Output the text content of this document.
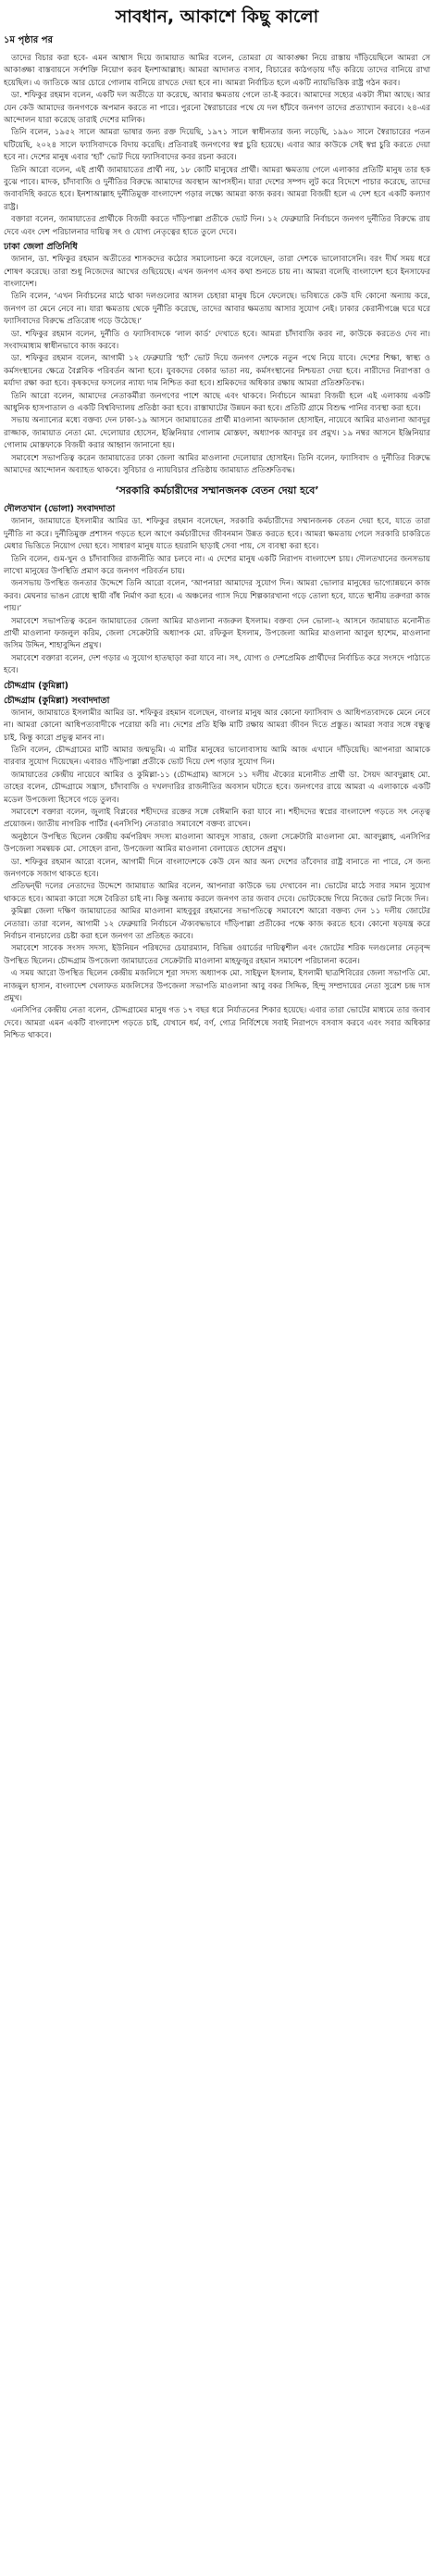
সাবধান, আকাশে কিছু কালো
১ম পৃষ্ঠার পর

তাদের বিচার করা হবে- এমন আশ্বাস দিয়ে জামায়াত আমির বলেন, তোমরা যে আকাঙ্ক্ষা নিয়ে রাস্তায় দাঁড়িয়েছিলে আমরা সে আকাঙ্ক্ষা বাস্তবায়নে সর্বশক্তি নিয়োগ করব ইনশাআল্লাহ। আমরা আদালত বসাব, বিচারের কাঠগড়ায় দাঁড় করিয়ে তাদের বানিয়ে রাখা হয়েছিল। এ জাতিকে আর চোরে গোলাম বানিয়ে রাখতে দেয়া হবে না। আমরা নির্বাচিত হলে একটি ন্যায়ভিত্তিক রাষ্ট্র গঠন করব।

ডা. শফিকুর রহমান বলেন, একটি দল অতীতে যা করেছে, আবার ক্ষমতায় গেলে তা-ই করবে। আমাদের সহ্যের একটা সীমা আছে। আর যেন কেউ আমাদের জনগণকে অপমান করতে না পারে। পুরনো স্বৈরাচারের পথে যে দল হাঁটবে জনগণ তাদের প্রত্যাখ্যান করবে। ২৪-এর আন্দোলন যারা করেছে তারাই দেশের মালিক।

তিনি বলেন, ১৯৫২ সালে আমরা ভাষার জন্য রক্ত দিয়েছি, ১৯৭১ সালে স্বাধীনতার জন্য লড়েছি, ১৯৯০ সালে স্বৈরাচারের পতন ঘটিয়েছি, ২০২৪ সালে ফ্যাসিবাদকে বিদায় করেছি। প্রতিবারই জনগণের স্বপ্ন চুরি হয়েছে। এবার আর কাউকে সেই স্বপ্ন চুরি করতে দেয়া হবে না। দেশের মানুষ এবার ‘হ্যাঁ’ ভোট দিয়ে ফ্যাসিবাদের কবর রচনা করবে।

তিনি আরো বলেন, এই প্রার্থী জামায়াতের প্রার্থী নয়, ১৮ কোটি মানুষের প্রার্থী। আমরা ক্ষমতায় গেলে এলাকার প্রতিটি মানুষ তার হক বুঝে পাবে। মাদক, চাঁদাবাজি ও দুর্নীতির বিরুদ্ধে আমাদের অবস্থান আপসহীন। যারা দেশের সম্পদ লুট করে বিদেশে পাচার করেছে, তাদের জবাবদিহি করতে হবে। ইনশাআল্লাহ দুর্নীতিমুক্ত বাংলাদেশ গড়ার লক্ষ্যে আমরা কাজ করব। আমরা বিজয়ী হলে এ দেশ হবে একটি কল্যাণ রাষ্ট্র।

বক্তারা বলেন, জামায়াতের প্রার্থীকে বিজয়ী করতে দাঁড়িপাল্লা প্রতীকে ভোট দিন। ১২ ফেব্রুয়ারি নির্বাচনে জনগণ দুর্নীতির বিরুদ্ধে রায় দেবে এবং দেশ পরিচালনার দায়িত্ব সৎ ও যোগ্য নেতৃত্বের হাতে তুলে দেবে।

ঢাকা জেলা প্রতিনিধি

জানান, ডা. শফিকুর রহমান অতীতের শাসকদের কঠোর সমালোচনা করে বলেছেন, তারা দেশকে ভালোবাসেনি। বরং দীর্ঘ সময় ধরে শোষণ করেছে। তারা শুধু নিজেদের আখের গুছিয়েছে। এখন জনগণ এসব কথা শুনতে চায় না। আমরা বলেছি বাংলাদেশ হবে ইনসাফের বাংলাদেশ।

তিনি বলেন, ‘এখন নির্বাচনের মাঠে থাকা দলগুলোর আসল চেহারা মানুষ চিনে ফেলেছে। ভবিষ্যতে কেউ যদি কোনো অন্যায় করে, জনগণ তা মেনে নেবে না। যারা ক্ষমতায় থেকে দুর্নীতি করেছে, তাদের আবার ক্ষমতায় আসার সুযোগ নেই। ঢাকার কেরানীগঞ্জে ঘরে ঘরে ফ্যাসিবাদের বিরুদ্ধে প্রতিরোধ গড়ে উঠেছে।’

ডা. শফিকুর রহমান বলেন, দুর্নীতি ও ফ্যাসিবাদকে ‘লাল কার্ড’ দেখাতে হবে। আমরা চাঁদাবাজি করব না, কাউকে করতেও দেব না। সংবাদমাধ্যম স্বাধীনভাবে কাজ করবে।

ডা. শফিকুর রহমান বলেন, আগামী ১২ ফেব্রুয়ারি ‘হ্যাঁ’ ভোট দিয়ে জনগণ দেশকে নতুন পথে নিয়ে যাবে। দেশের শিক্ষা, স্বাস্থ্য ও কর্মসংস্থানের ক্ষেত্রে বৈপ্লবিক পরিবর্তন আনা হবে। যুবকদের বেকার ভাতা নয়, কর্মসংস্থানের নিশ্চয়তা দেয়া হবে। নারীদের নিরাপত্তা ও মর্যাদা রক্ষা করা হবে। কৃষকদের ফসলের ন্যায্য দাম নিশ্চিত করা হবে। শ্রমিকদের অধিকার রক্ষায় আমরা প্রতিশ্রুতিবদ্ধ।

তিনি আরো বলেন, আমাদের নেতাকর্মীরা জনগণের পাশে আছে এবং থাকবে। নির্বাচনে আমরা বিজয়ী হলে এই এলাকায় একটি আধুনিক হাসপাতাল ও একটি বিশ্ববিদ্যালয় প্রতিষ্ঠা করা হবে। রাস্তাঘাটের উন্নয়ন করা হবে। প্রতিটি গ্রামে বিশুদ্ধ পানির ব্যবস্থা করা হবে।

সভায় অন্যান্যের মধ্যে বক্তব্য দেন ঢাকা-১৯ আসনে জামায়াতের প্রার্থী মাওলানা আফজাল হোসাইন, নায়েবে আমির মাওলানা আবদুর রাজ্জাক, জামায়াত নেতা মো. দেলোয়ার হোসেন, ইঞ্জিনিয়ার গোলাম মোস্তফা, অধ্যাপক আবদুর রব প্রমুখ। ১৯ নম্বর আসনে ইঞ্জিনিয়ার গোলাম মোস্তফাকে বিজয়ী করার আহ্বান জানানো হয়।

সমাবেশে সভাপতিত্ব করেন জামায়াতের ঢাকা জেলা আমির মাওলানা দেলোয়ার হোসাইন। তিনি বলেন, ফ্যাসিবাদ ও দুর্নীতির বিরুদ্ধে আমাদের আন্দোলন অব্যাহত থাকবে। সুবিচার ও ন্যায়বিচার প্রতিষ্ঠায় জামায়াত প্রতিশ্রুতিবদ্ধ।

‘সরকারি কর্মচারীদের সম্মানজনক বেতন দেয়া হবে’
দৌলতখান (ভোলা) সংবাদদাতা

জানান, জামায়াতে ইসলামীর আমির ডা. শফিকুর রহমান বলেছেন, সরকারি কর্মচারীদের সম্মানজনক বেতন দেয়া হবে, যাতে তারা দুর্নীতি না করে। দুর্নীতিমুক্ত প্রশাসন গড়তে হলে আগে কর্মচারীদের জীবনমান উন্নত করতে হবে। আমরা ক্ষমতায় গেলে সরকারি চাকরিতে মেধার ভিত্তিতে নিয়োগ দেয়া হবে। সাধারণ মানুষ যাতে হয়রানি ছাড়াই সেবা পায়, সে ব্যবস্থা করা হবে।

তিনি বলেন, গুম-খুন ও চাঁদাবাজির রাজনীতি আর চলবে না। এ দেশের মানুষ একটি নিরাপদ বাংলাদেশ চায়। দৌলতখানের জনসভায় লাখো মানুষের উপস্থিতি প্রমাণ করে জনগণ পরিবর্তন চায়।

জনসভায় উপস্থিত জনতার উদ্দেশে তিনি আরো বলেন, ‘আপনারা আমাদের সুযোগ দিন। আমরা ভোলার মানুষের ভাগ্যোন্নয়নে কাজ করব। মেঘনার ভাঙন রোধে স্থায়ী বাঁধ নির্মাণ করা হবে। এ অঞ্চলের গ্যাস দিয়ে শিল্পকারখানা গড়ে তোলা হবে, যাতে স্থানীয় তরুণরা কাজ পায়।’

সমাবেশে সভাপতিত্ব করেন জামায়াতের জেলা আমির মাওলানা নজরুল ইসলাম। বক্তব্য দেন ভোলা-২ আসনে জামায়াত মনোনীত প্রার্থী মাওলানা ফজলুল করিম, জেলা সেক্রেটারি অধ্যাপক মো. রফিকুল ইসলাম, উপজেলা আমির মাওলানা আবুল হাশেম, মাওলানা জসিম উদ্দিন, শাহাবুদ্দিন প্রমুখ।

সমাবেশে বক্তারা বলেন, দেশ গড়ার এ সুযোগ হাতছাড়া করা যাবে না। সৎ, যোগ্য ও দেশপ্রেমিক প্রার্থীদের নির্বাচিত করে সংসদে পাঠাতে হবে।

চৌদ্দগ্রাম (কুমিল্লা)
চৌদ্দগ্রাম (কুমিল্লা) সংবাদদাতা

জানান, জামায়াতে ইসলামীর আমির ডা. শফিকুর রহমান বলেছেন, বাংলার মানুষ আর কোনো ফ্যাসিবাদ ও আধিপত্যবাদকে মেনে নেবে না। আমরা কোনো আধিপত্যবাদীকে পরোয়া করি না। দেশের প্রতি ইঞ্চি মাটি রক্ষায় আমরা জীবন দিতে প্রস্তুত। আমরা সবার সঙ্গে বন্ধুত্ব চাই, কিন্তু কারো প্রভুত্ব মানব না।

তিনি বলেন, চৌদ্দগ্রামের মাটি আমার জন্মভূমি। এ মাটির মানুষের ভালোবাসায় আমি আজ এখানে দাঁড়িয়েছি। আপনারা আমাকে বারবার সুযোগ দিয়েছেন। এবারও দাঁড়িপাল্লা প্রতীকে ভোট দিয়ে দেশ গড়ার সুযোগ দিন।

জামায়াতের কেন্দ্রীয় নায়েবে আমির ও কুমিল্লা-১১ (চৌদ্দগ্রাম) আসনে ১১ দলীয় ঐক্যের মনোনীত প্রার্থী ডা. সৈয়দ আবদুল্লাহ মো. তাহের বলেন, চৌদ্দগ্রামে সন্ত্রাস, চাঁদাবাজি ও দখলদারির রাজনীতির অবসান ঘটাতে হবে। জনগণের রায়ে আমরা এ এলাকাকে একটি মডেল উপজেলা হিসেবে গড়ে তুলব।

সমাবেশে বক্তারা বলেন, জুলাই বিপ্লবের শহীদদের রক্তের সঙ্গে বেঈমানি করা যাবে না। শহীদদের স্বপ্নের বাংলাদেশ গড়তে সৎ নেতৃত্ব প্রয়োজন। জাতীয় নাগরিক পার্টির (এনসিপি) নেতারাও সমাবেশে বক্তব্য রাখেন।

অনুষ্ঠানে উপস্থিত ছিলেন কেন্দ্রীয় কর্মপরিষদ সদস্য মাওলানা আবদুস সাত্তার, জেলা সেক্রেটারি মাওলানা মো. আবদুল্লাহ, এনসিপির উপজেলা সমন্বয়ক মো. সোহেল রানা, উপজেলা আমির মাওলানা বেলায়েত হোসেন প্রমুখ।

ডা. শফিকুর রহমান আরো বলেন, আগামী দিনে বাংলাদেশকে কেউ যেন আর অন্য দেশের তাঁবেদার রাষ্ট্র বানাতে না পারে, সে জন্য জনগণকে সজাগ থাকতে হবে।

প্রতিদ্বন্দ্বী দলের নেতাদের উদ্দেশে জামায়াত আমির বলেন, আপনারা কাউকে ভয় দেখাবেন না। ভোটের মাঠে সবার সমান সুযোগ থাকতে হবে। আমরা কারো সঙ্গে বৈরিতা চাই না। কিন্তু অন্যায় করলে জনগণ তার জবাব দেবে। ভোটকেন্দ্রে গিয়ে নিজের ভোট নিজে দিন।

কুমিল্লা জেলা দক্ষিণ জামায়াতের আমির মাওলানা মাহবুবুর রহমানের সভাপতিত্বে সমাবেশে আরো বক্তব্য দেন ১১ দলীয় জোটের নেতারা। তারা বলেন, আগামী ১২ ফেব্রুয়ারি নির্বাচনে ঐক্যবদ্ধভাবে দাঁড়িপাল্লা প্রতীকের পক্ষে কাজ করতে হবে। কোনো ষড়যন্ত্র করে নির্বাচন বানচালের চেষ্টা করা হলে জনগণ তা প্রতিহত করবে।

সমাবেশে সাবেক সংসদ সদস্য, ইউনিয়ন পরিষদের চেয়ারম্যান, বিভিন্ন ওয়ার্ডের দায়িত্বশীল এবং জোটের শরিক দলগুলোর নেতৃবৃন্দ উপস্থিত ছিলেন। চৌদ্দগ্রাম উপজেলা জামায়াতের সেক্রেটারি মাওলানা মাহফুজুর রহমান সমাবেশ পরিচালনা করেন।

এ সময় আরো উপস্থিত ছিলেন কেন্দ্রীয় মজলিসে শূরা সদস্য অধ্যাপক মো. সাইফুল ইসলাম, ইসলামী ছাত্রশিবিরের জেলা সভাপতি মো. নাজমুল হাসান, বাংলাদেশ খেলাফত মজলিসের উপজেলা সভাপতি মাওলানা আবু বকর সিদ্দিক, হিন্দু সম্প্রদায়ের নেতা সুরেশ চন্দ্র দাস প্রমুখ।

এনসিপির কেন্দ্রীয় নেতা বলেন, চৌদ্দগ্রামের মানুষ গত ১৭ বছর ধরে নির্যাতনের শিকার হয়েছে। এবার তারা ভোটের মাধ্যমে তার জবাব দেবে। আমরা এমন একটি বাংলাদেশ গড়তে চাই, যেখানে ধর্ম, বর্ণ, গোত্র নির্বিশেষে সবাই নিরাপদে বসবাস করবে এবং সবার অধিকার নিশ্চিত থাকবে।
